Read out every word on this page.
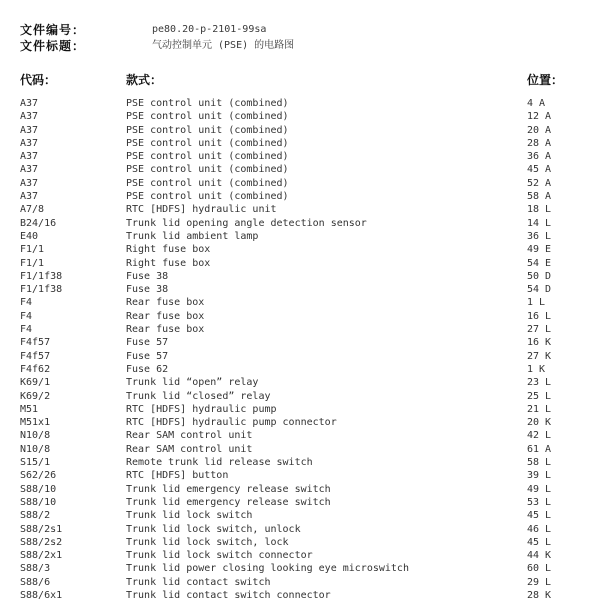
文件编号：	pe80.20-p-2101-99sa
文件标题：	气动控制单元 (PSE) 的电路图
代码：	款式：	位置：
A37	PSE control unit (combined)	4 A
A37	PSE control unit (combined)	12 A
A37	PSE control unit (combined)	20 A
A37	PSE control unit (combined)	28 A
A37	PSE control unit (combined)	36 A
A37	PSE control unit (combined)	45 A
A37	PSE control unit (combined)	52 A
A37	PSE control unit (combined)	58 A
A7/8	RTC [HDFS] hydraulic unit	18 L
B24/16	Trunk lid opening angle detection sensor	14 L
E40	Trunk lid ambient lamp	36 L
F1/1	Right fuse box	49 E
F1/1	Right fuse box	54 E
F1/1f38	Fuse 38	50 D
F1/1f38	Fuse 38	54 D
F4	Rear fuse box	1 L
F4	Rear fuse box	16 L
F4	Rear fuse box	27 L
F4f57	Fuse 57	16 K
F4f57	Fuse 57	27 K
F4f62	Fuse 62	1 K
K69/1	Trunk lid “open” relay	23 L
K69/2	Trunk lid “closed” relay	25 L
M51	RTC [HDFS] hydraulic pump	21 L
M51x1	RTC [HDFS] hydraulic pump connector	20 K
N10/8	Rear SAM control unit	42 L
N10/8	Rear SAM control unit	61 A
S15/1	Remote trunk lid release switch	58 L
S62/26	RTC [HDFS] button	39 L
S88/10	Trunk lid emergency release switch	49 L
S88/10	Trunk lid emergency release switch	53 L
S88/2	Trunk lid lock switch	45 L
S88/2s1	Trunk lid lock switch, unlock	46 L
S88/2s2	Trunk lid lock switch, lock	45 L
S88/2x1	Trunk lid lock switch connector	44 K
S88/3	Trunk lid power closing looking eye microswitch	60 L
S88/6	Trunk lid contact switch	29 L
S88/6x1	Trunk lid contact switch connector	28 K
